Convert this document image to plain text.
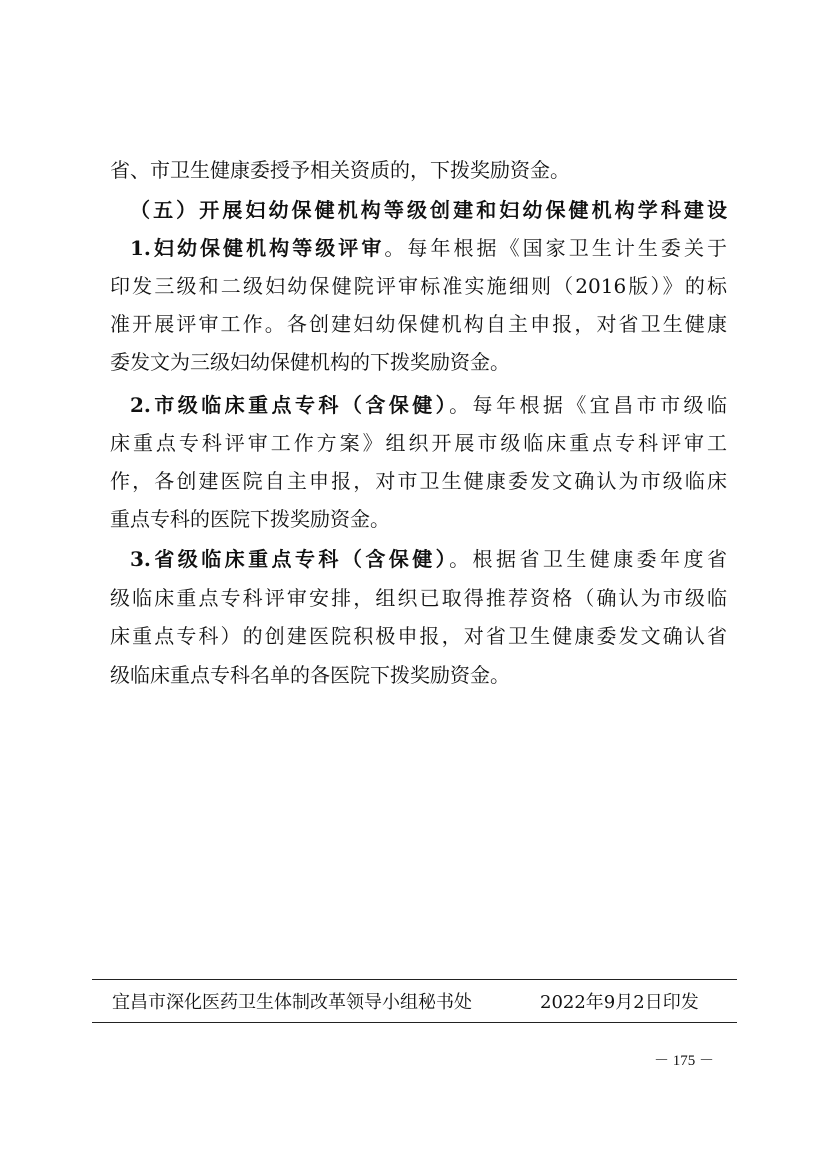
省、市卫生健康委授予相关资质的，下拨奖励资金。
（五）开展妇幼保健机构等级创建和妇幼保健机构学科建设
1.妇幼保健机构等级评审。每年根据《国家卫生计生委关于
印发三级和二级妇幼保健院评审标准实施细则（2016版）》的标
准开展评审工作。各创建妇幼保健机构自主申报，对省卫生健康
委发文为三级妇幼保健机构的下拨奖励资金。
2.市级临床重点专科（含保健）。每年根据《宜昌市市级临
床重点专科评审工作方案》组织开展市级临床重点专科评审工
作，各创建医院自主申报，对市卫生健康委发文确认为市级临床
重点专科的医院下拨奖励资金。
3.省级临床重点专科（含保健）。根据省卫生健康委年度省
级临床重点专科评审安排，组织已取得推荐资格（确认为市级临
床重点专科）的创建医院积极申报，对省卫生健康委发文确认省
级临床重点专科名单的各医院下拨奖励资金。
宜昌市深化医药卫生体制改革领导小组秘书处	2022年9月2日印发
－ 175 －
